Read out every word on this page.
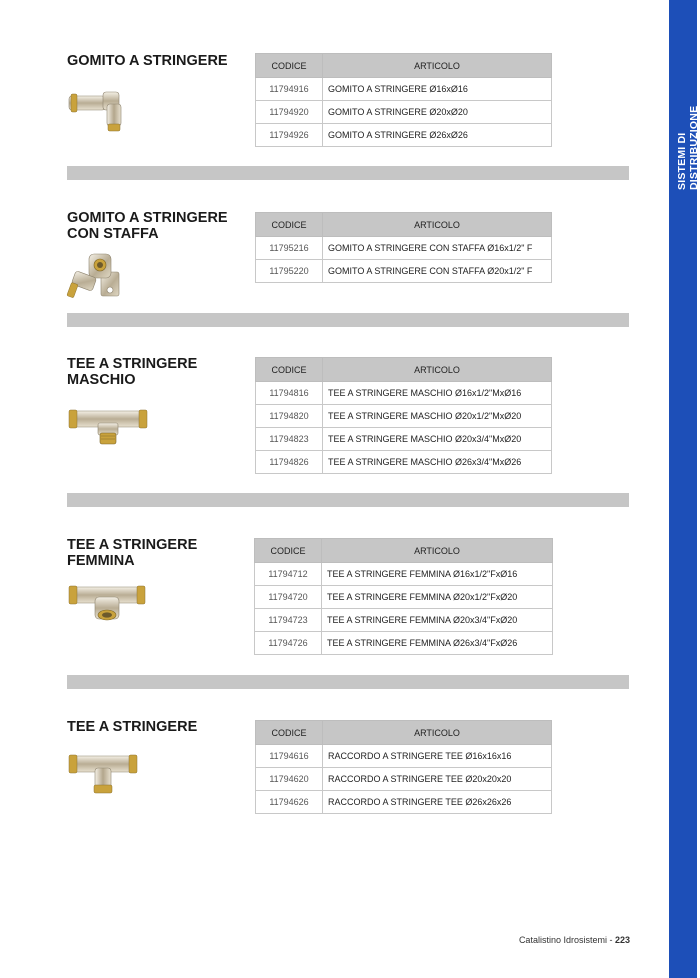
SISTEMI DI DISTRIBUZIONE
GOMITO A STRINGERE	CODICE	ARTICOLO
11794916	GOMITO A STRINGERE Ø16xØ16
11794920	GOMITO A STRINGERE Ø20xØ20
11794926	GOMITO A STRINGERE Ø26xØ26
GOMITO A STRINGERE CON STAFFA
CODICE	ARTICOLO
11795216	GOMITO A STRINGERE CON STAFFA Ø16x1/2" F
11795220	GOMITO A STRINGERE CON STAFFA Ø20x1/2" F
TEE A STRINGERE MASCHIO
CODICE	ARTICOLO
11794816	TEE A STRINGERE MASCHIO Ø16x1/2"MxØ16
11794820	TEE A STRINGERE MASCHIO Ø20x1/2"MxØ20
11794823	TEE A STRINGERE MASCHIO Ø20x3/4"MxØ20
11794826	TEE A STRINGERE MASCHIO Ø26x3/4"MxØ26
TEE A STRINGERE FEMMINA
CODICE	ARTICOLO
11794712	TEE A STRINGERE FEMMINA Ø16x1/2"FxØ16
11794720	TEE A STRINGERE FEMMINA Ø20x1/2"FxØ20
11794723	TEE A STRINGERE FEMMINA Ø20x3/4"FxØ20
11794726	TEE A STRINGERE FEMMINA Ø26x3/4"FxØ26
TEE A STRINGERE	CODICE	ARTICOLO
11794616	RACCORDO A STRINGERE TEE Ø16x16x16
11794620	RACCORDO A STRINGERE TEE Ø20x20x20
11794626	RACCORDO A STRINGERE TEE Ø26x26x26
Catalistino Idrosistemi - 223
